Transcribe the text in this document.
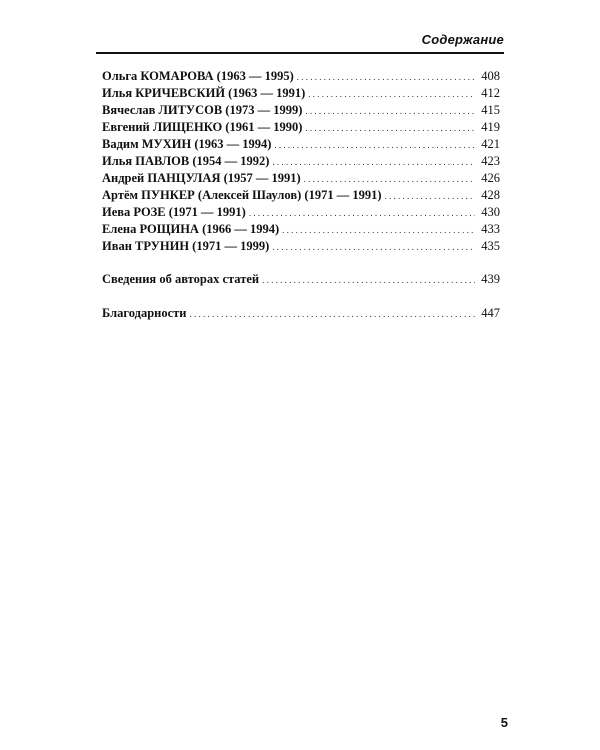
Содержание
Ольга КОМАРОВА (1963 — 1995) . . .	408
Илья КРИЧЕВСКИЙ (1963 — 1991) . . .	412
Вячеслав ЛИТУСОВ (1973 — 1999) . . .	415
Евгений ЛИЩЕНКО (1961 — 1990) . . .	419
Вадим МУХИН (1963 — 1994) . . .	421
Илья ПАВЛОВ (1954 — 1992) . . .	423
Андрей ПАНЦУЛАЯ (1957 — 1991) . . .	426
Артём ПУНКЕР (Алексей Шаулов) (1971 — 1991) . . .	428
Иева РОЗЕ (1971 — 1991) . . .	430
Елена РОЩИНА (1966 — 1994) . . .	433
Иван ТРУНИН (1971 — 1999) . . .	435
Сведения об авторах статей . . .	439
Благодарности . . .	447
5
